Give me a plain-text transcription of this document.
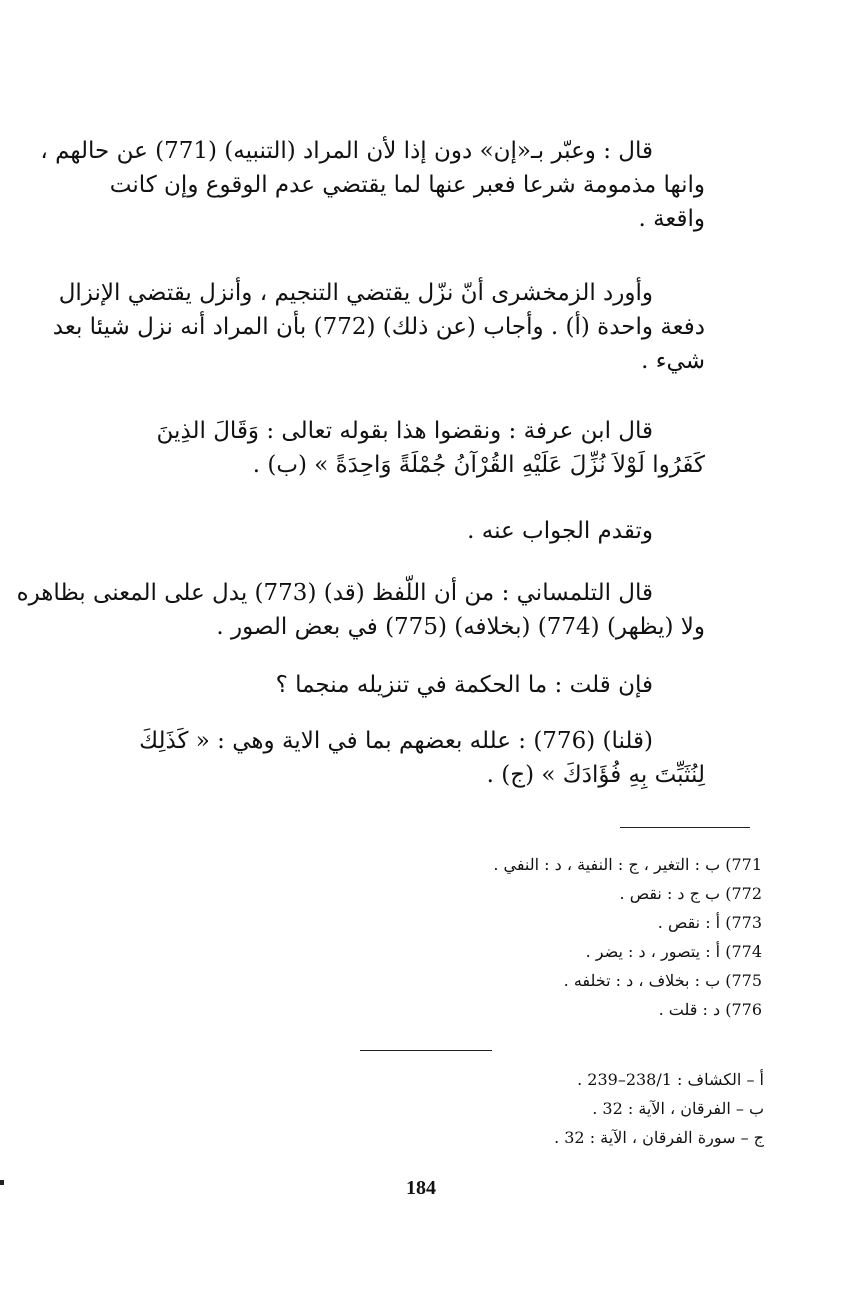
قال : وعبّر بـ«إن» دون إذا لأن المراد (التنبيه) (771) عن حالهم ،
وانها مذمومة شرعا فعبر عنها لما يقتضي عدم الوقوع وإن كانت
واقعة .
وأورد الزمخشرى أنّ نزّل يقتضي التنجيم ، وأنزل يقتضي الإنزال
دفعة واحدة (أ) . وأجاب (عن ذلك) (772) بأن المراد أنه نزل شيئا بعد
شيء .
قال ابن عرفة : ونقضوا هذا بقوله تعالى : وَقَالَ الذِينَ
كَفَرُوا لَوْلاَ نُزِّلَ عَلَيْهِ القُرْآنُ جُمْلَةً وَاحِدَةً » (ب) .
وتقدم الجواب عنه .
قال التلمساني : من أن اللّفظ (قد) (773) يدل على المعنى بظاهره
ولا (يظهر) (774) (بخلافه) (775) في بعض الصور .
فإن قلت : ما الحكمة في تنزيله منجما ؟
(قلنا) (776) : علله بعضهم بما في الاية وهي : « كَذَلِكَ
لِنُثَبِّتَ بِهِ فُؤَادَكَ » (ج) .
771) ب : التغير ، ج : النفية ، د : النفي .
772) ب ج د : نقص .
773) أ : نقص .
774) أ : يتصور ، د : يضر .
775) ب : بخلاف ، د : تخلفه .
776) د : قلت .
أ – الكشاف : 238/1–239 .
ب – الفرقان ، الآية : 32 .
ج – سورة الفرقان ، الآية : 32 .
184
